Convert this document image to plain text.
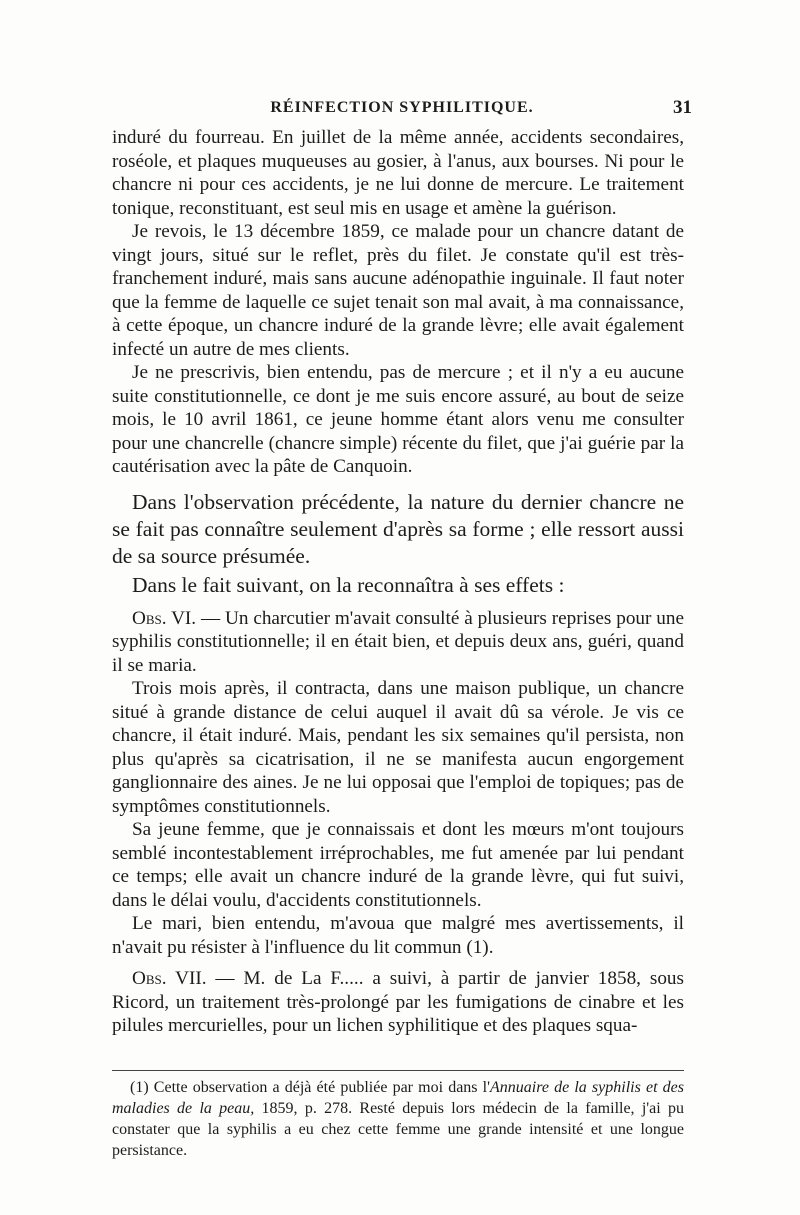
RÉINFECTION SYPHILITIQUE.	31

induré du fourreau. En juillet de la même année, accidents secondaires, roséole, et plaques muqueuses au gosier, à l'anus, aux bourses. Ni pour le chancre ni pour ces accidents, je ne lui donne de mercure. Le traitement tonique, reconstituant, est seul mis en usage et amène la guérison.

Je revois, le 13 décembre 1859, ce malade pour un chancre datant de vingt jours, situé sur le reflet, près du filet. Je constate qu'il est très-franchement induré, mais sans aucune adénopathie inguinale. Il faut noter que la femme de laquelle ce sujet tenait son mal avait, à ma connaissance, à cette époque, un chancre induré de la grande lèvre; elle avait également infecté un autre de mes clients.

Je ne prescrivis, bien entendu, pas de mercure ; et il n'y a eu aucune suite constitutionnelle, ce dont je me suis encore assuré, au bout de seize mois, le 10 avril 1861, ce jeune homme étant alors venu me consulter pour une chancrelle (chancre simple) récente du filet, que j'ai guérie par la cautérisation avec la pâte de Canquoin.

Dans l'observation précédente, la nature du dernier chancre ne se fait pas connaître seulement d'après sa forme ; elle ressort aussi de sa source présumée.

Dans le fait suivant, on la reconnaîtra à ses effets :

Obs. VI. — Un charcutier m'avait consulté à plusieurs reprises pour une syphilis constitutionnelle; il en était bien, et depuis deux ans, guéri, quand il se maria.

Trois mois après, il contracta, dans une maison publique, un chancre situé à grande distance de celui auquel il avait dû sa vérole. Je vis ce chancre, il était induré. Mais, pendant les six semaines qu'il persista, non plus qu'après sa cicatrisation, il ne se manifesta aucun engorgement ganglionnaire des aines. Je ne lui opposai que l'emploi de topiques; pas de symptômes constitutionnels.

Sa jeune femme, que je connaissais et dont les mœurs m'ont toujours semblé incontestablement irréprochables, me fut amenée par lui pendant ce temps; elle avait un chancre induré de la grande lèvre, qui fut suivi, dans le délai voulu, d'accidents constitutionnels.

Le mari, bien entendu, m'avoua que malgré mes avertissements, il n'avait pu résister à l'influence du lit commun (1).

Obs. VII. — M. de La F..... a suivi, à partir de janvier 1858, sous Ricord, un traitement très-prolongé par les fumigations de cinabre et les pilules mercurielles, pour un lichen syphilitique et des plaques squa-

(1) Cette observation a déjà été publiée par moi dans l'Annuaire de la syphilis et des maladies de la peau, 1859, p. 278. Resté depuis lors médecin de la famille, j'ai pu constater que la syphilis a eu chez cette femme une grande intensité et une longue persistance.
